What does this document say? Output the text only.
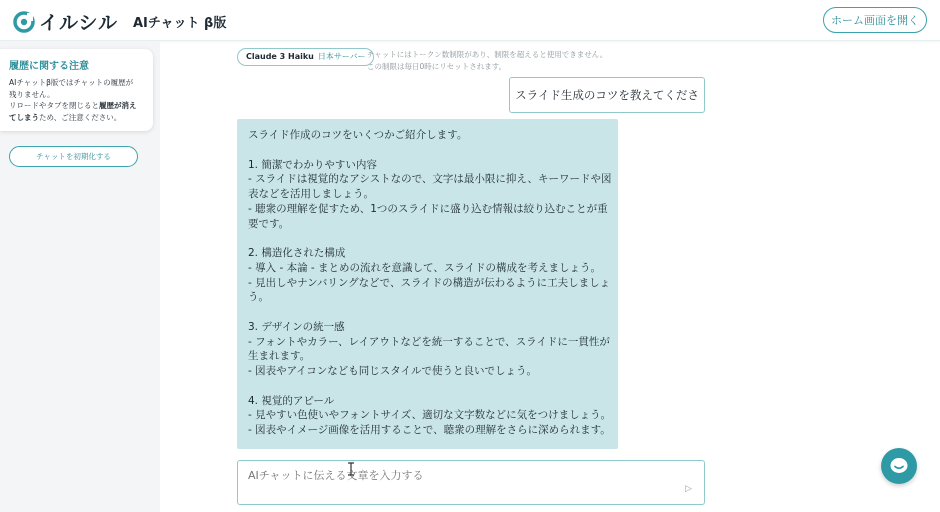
イルシル AIチャット β版	ホーム画面を開く
履歴に関する注意
AIチャットβ版ではチャットの履歴が
残りません。
リロードやタブを閉じると履歴が消え
てしまうため、ご注意ください。
チャットを初期化する
Claude 3 Haiku 日本サーバー チャットにはトークン数制限があり、制限を超えると使用できません。
この制限は毎日0時にリセットされます。
スライド生成のコツを教えてくださ
スライド作成のコツをいくつかご紹介します。
1. 簡潔でわかりやすい内容
- スライドは視覚的なアシストなので、文字は最小限に抑え、キーワードや図
表などを活用しましょう。
- 聴衆の理解を促すため、1つのスライドに盛り込む情報は絞り込むことが重
要です。
2. 構造化された構成
- 導入 - 本論 - まとめの流れを意識して、スライドの構成を考えましょう。
- 見出しやナンバリングなどで、スライドの構造が伝わるように工夫しましょ
う。
3. デザインの統一感
- フォントやカラー、レイアウトなどを統一することで、スライドに一貫性が
生まれます。
- 図表やアイコンなども同じスタイルで使うと良いでしょう。
4. 視覚的アピール
- 見やすい色使いやフォントサイズ、適切な文字数などに気をつけましょう。
- 図表やイメージ画像を活用することで、聴衆の理解をさらに深められます。
AIチャットに伝える文章を入力する
▷
